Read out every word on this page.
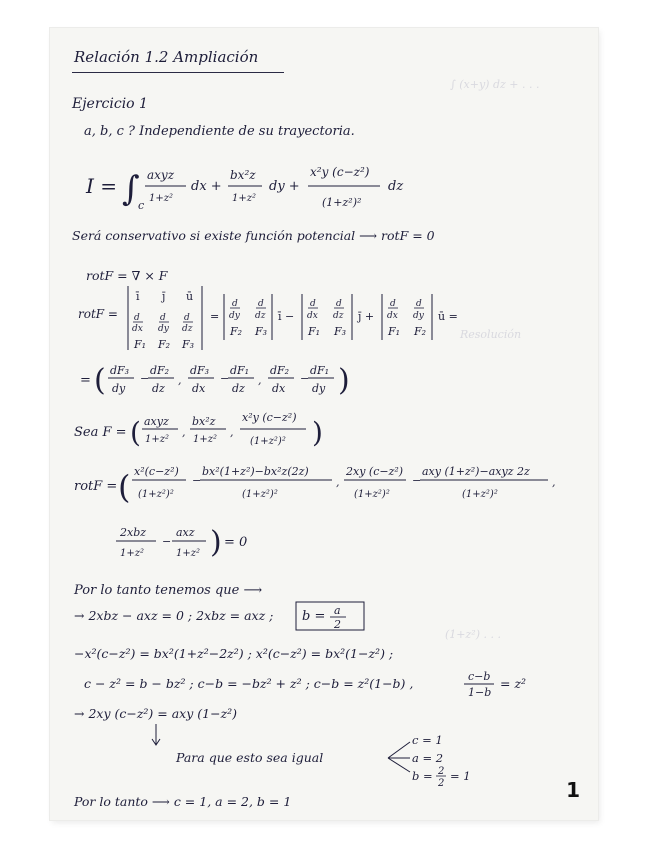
Relación 1.2 Ampliación
Ejercicio 1
a, b, c ? Independiente de su trayectoria.
∫ (x+y) dz + . . .
Resolución
(1+z²) . . .
I = ∫
c
axyz
1+z²
dx +
bx²z
1+z²
dy +
x²y (c−z²)
(1+z²)²
dz
Será conservativo si existe función potencial ⟶ rotF = 0
rotF = ∇̄ × F
rotF =
ī j̄ ū
d
dx
d
dy
d
dz
F₁ F₂ F₃
=
d
dy
d
dz
F₂ F₃
ī −
d
dx
d
dz
F₁ F₃
j̄ +
d
dx
d
dy
F₁ F₂
ū =
= ( dF₃
dy
−
dF₂
dz
,
dF₃
dx
−
dF₁
dz
,
dF₂
dx
−
dF₁
dy )
Sea F = ( axyz
1+z²
,
bx²z
1+z²
,
x²y (c−z²)
(1+z²)² )
rotF = ( x²(c−z²)
(1+z²)²
−
bx²(1+z²)−bx²z(2z)
(1+z²)²
,
2xy (c−z²)
(1+z²)²
−
axy (1+z²)−axyz 2z
(1+z²)²
,
2xbz
1+z²
−
axz
1+z² ) = 0
Por lo tanto tenemos que ⟶
→ 2xbz − axz = 0 ; 2xbz = axz ; b = a
2
−x²(c−z²) = bx²(1+z²−2z²) ; x²(c−z²) = bx²(1−z²) ;
c − z² = b − bz² ; c−b = −bz² + z² ; c−b = z²(1−b) ,	c−b
1−b
= z²
→ 2xy (c−z²) = axy (1−z²)
Para que esto sea igual
c = 1
a = 2
b = 2
2
= 1
Por lo tanto ⟶ c = 1, a = 2, b = 1	1
